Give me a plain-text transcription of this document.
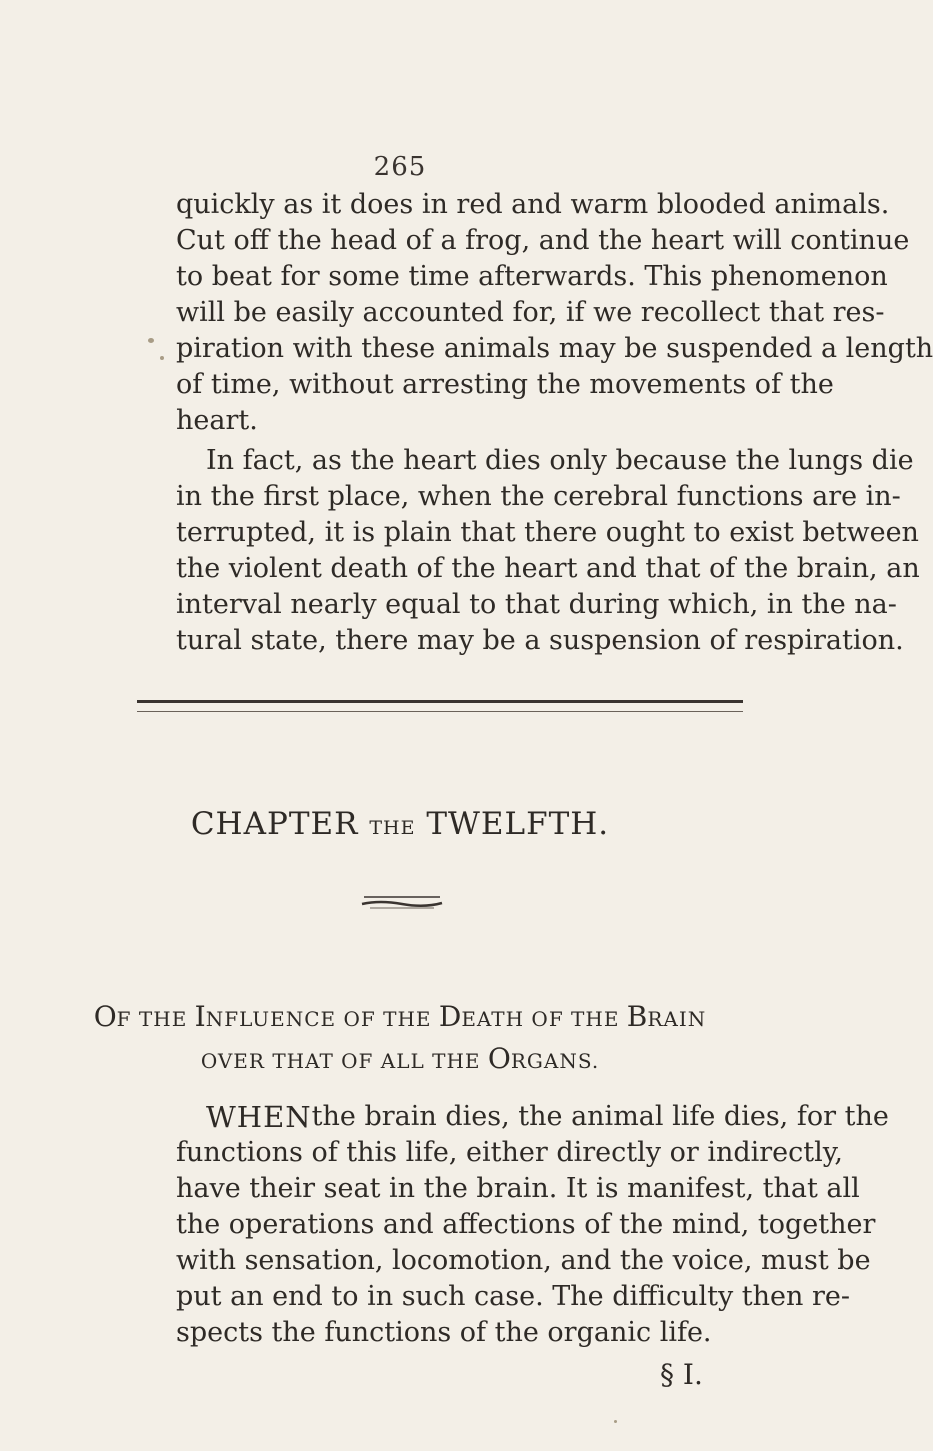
265
quickly as it does in red and warm blooded animals.
Cut off the head of a frog, and the heart will continue
to beat for some time afterwards. This phenomenon
will be easily accounted for, if we recollect that res-
piration with these animals may be suspended a length
of time, without arresting the movements of the
heart.
In fact, as the heart dies only because the lungs die
in the first place, when the cerebral functions are in-
terrupted, it is plain that there ought to exist between
the violent death of the heart and that of the brain, an
interval nearly equal to that during which, in the na-
tural state, there may be a suspension of respiration.
CHAPTER THE TWELFTH.
OF THE INFLUENCE OF THE DEATH OF THE BRAIN
OVER THAT OF ALL THE ORGANS.
WHEN the brain dies, the animal life dies, for the
functions of this life, either directly or indirectly,
have their seat in the brain. It is manifest, that all
the operations and affections of the mind, together
with sensation, locomotion, and the voice, must be
put an end to in such case. The difficulty then re-
spects the functions of the organic life.
§ I.
